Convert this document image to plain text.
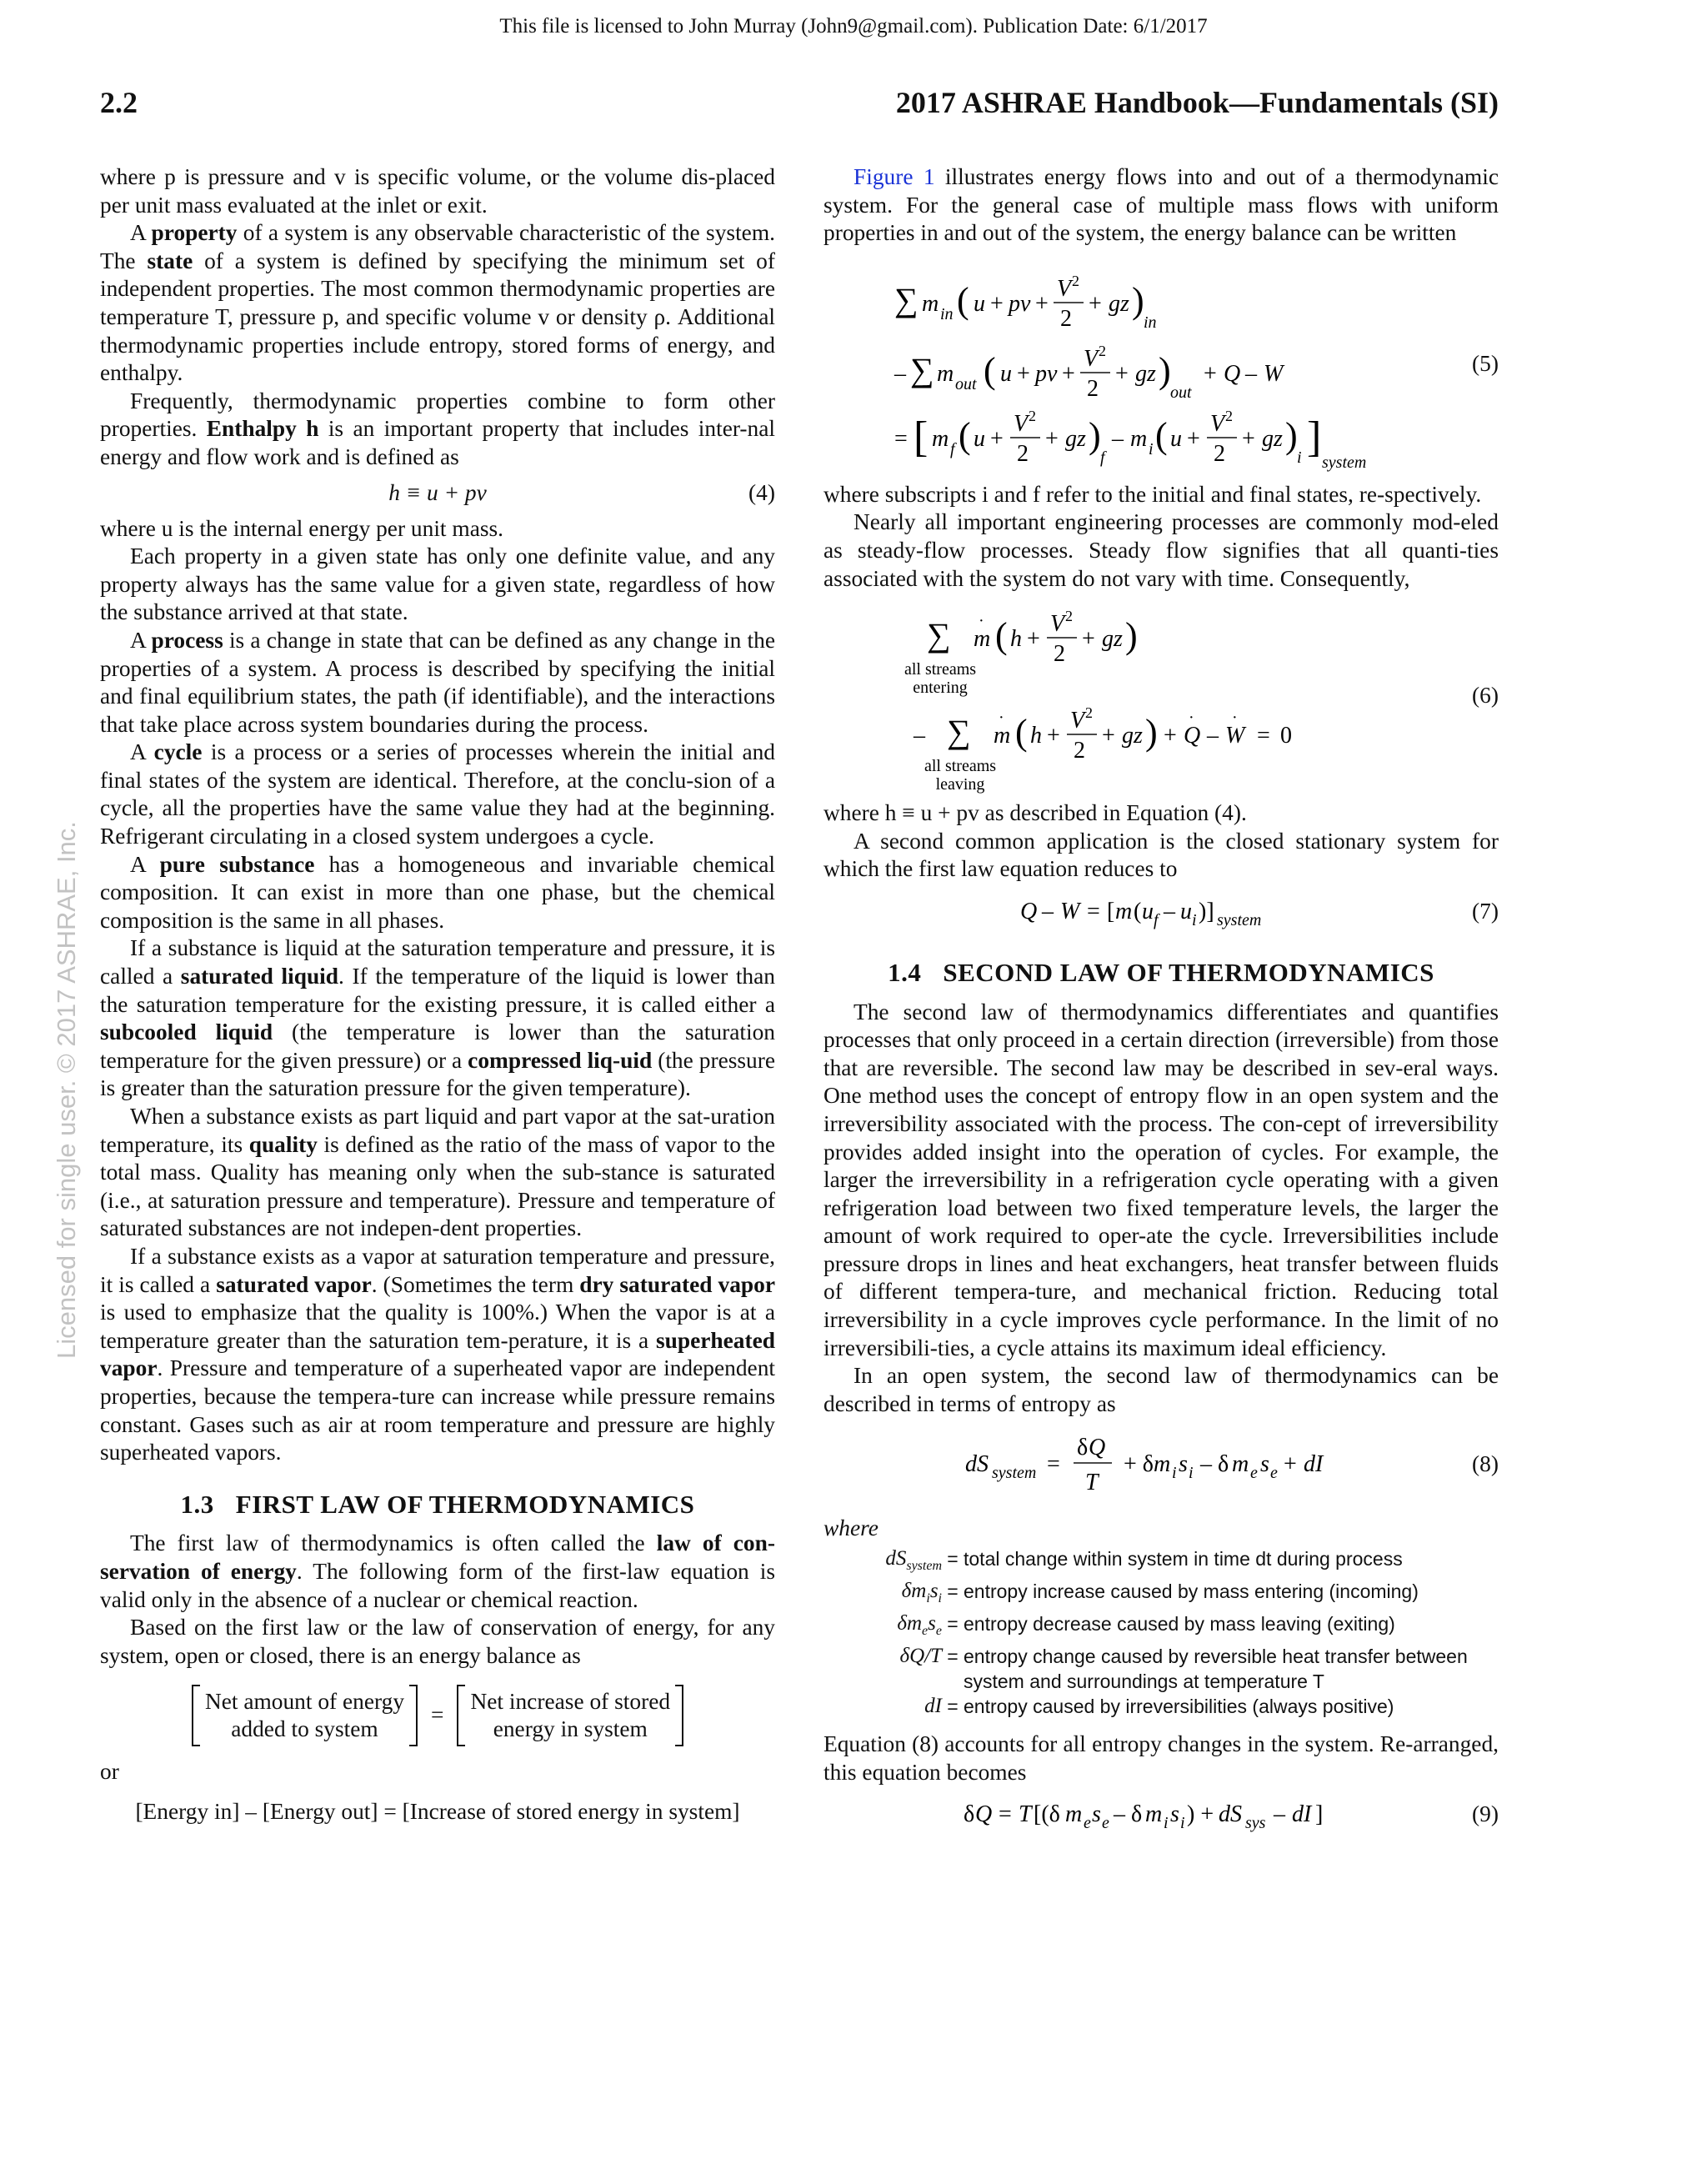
This file is licensed to John Murray (John9@gmail.com). Publication Date: 6/1/2017
2.2	2017 ASHRAE Handbook—Fundamentals (SI)
Licensed for single user. © 2017 ASHRAE, Inc.

where p is pressure and v is specific volume, or the volume dis-placed per unit mass evaluated at the inlet or exit.

A property of a system is any observable characteristic of the system. The state of a system is defined by specifying the minimum set of independent properties. The most common thermodynamic properties are temperature T, pressure p, and specific volume v or density ρ. Additional thermodynamic properties include entropy, stored forms of energy, and enthalpy.

Frequently, thermodynamic properties combine to form other properties. Enthalpy h is an important property that includes inter-nal energy and flow work and is defined as

h ≡ u + pv	(4)

where u is the internal energy per unit mass.

Each property in a given state has only one definite value, and any property always has the same value for a given state, regardless of how the substance arrived at that state.

A process is a change in state that can be defined as any change in the properties of a system. A process is described by specifying the initial and final equilibrium states, the path (if identifiable), and the interactions that take place across system boundaries during the process.

A cycle is a process or a series of processes wherein the initial and final states of the system are identical. Therefore, at the conclu-sion of a cycle, all the properties have the same value they had at the beginning. Refrigerant circulating in a closed system undergoes a cycle.

A pure substance has a homogeneous and invariable chemical composition. It can exist in more than one phase, but the chemical composition is the same in all phases.

If a substance is liquid at the saturation temperature and pressure, it is called a saturated liquid. If the temperature of the liquid is lower than the saturation temperature for the existing pressure, it is called either a subcooled liquid (the temperature is lower than the saturation temperature for the given pressure) or a compressed liq-uid (the pressure is greater than the saturation pressure for the given temperature).

When a substance exists as part liquid and part vapor at the sat-uration temperature, its quality is defined as the ratio of the mass of vapor to the total mass. Quality has meaning only when the sub-stance is saturated (i.e., at saturation pressure and temperature). Pressure and temperature of saturated substances are not indepen-dent properties.

If a substance exists as a vapor at saturation temperature and pressure, it is called a saturated vapor. (Sometimes the term dry saturated vapor is used to emphasize that the quality is 100%.) When the vapor is at a temperature greater than the saturation tem-perature, it is a superheated vapor. Pressure and temperature of a superheated vapor are independent properties, because the tempera-ture can increase while pressure remains constant. Gases such as air at room temperature and pressure are highly superheated vapors.

1.3 FIRST LAW OF THERMODYNAMICS

The first law of thermodynamics is often called the law of con-servation of energy. The following form of the first-law equation is valid only in the absence of a nuclear or chemical reaction.

Based on the first law or the law of conservation of energy, for any system, open or closed, there is an energy balance as

Net amount of energy
added to system
=
Net increase of stored
energy in system

or

[Energy in] – [Energy out] = [Increase of stored energy in system]

Figure 1 illustrates energy flows into and out of a thermodynamic system. For the general case of multiple mass flows with uniform properties in and out of the system, the energy balance can be written

∑ m in ( u + pv +
V 2
2
+ gz )
in
– ∑ m out ( u + pv +
V 2
2
+ gz )
out
+ Q – W
= [ m f ( u +
V 2
2
+ gz )
f
– m i ( u +
V 2
2
+ gz )
i ]
system
(5)

where subscripts i and f refer to the initial and final states, re-spectively.

Nearly all important engineering processes are commonly mod-eled as steady-flow processes. Steady flow signifies that all quanti-ties associated with the system do not vary with time. Consequently,

∑ m
· ( h +
V 2
2
+ gz )
– ∑ m
· ( h +
V 2
2
+ gz ) + Q
·
– W
·
= 0
all streams
entering
all streams
leaving
(6)

where h ≡ u + pv as described in Equation (4).

A second common application is the closed stationary system for which the first law equation reduces to

Q – W = [ m ( u f – u i )] system	(7)
1.4 SECOND LAW OF THERMODYNAMICS

The second law of thermodynamics differentiates and quantifies processes that only proceed in a certain direction (irreversible) from those that are reversible. The second law may be described in sev-eral ways. One method uses the concept of entropy flow in an open system and the irreversibility associated with the process. The con-cept of irreversibility provides added insight into the operation of cycles. For example, the larger the irreversibility in a refrigeration cycle operating with a given refrigeration load between two fixed temperature levels, the larger the amount of work required to oper-ate the cycle. Irreversibilities include pressure drops in lines and heat exchangers, heat transfer between fluids of different tempera-ture, and mechanical friction. Reducing total irreversibility in a cycle improves cycle performance. In the limit of no irreversibili-ties, a cycle attains its maximum ideal efficiency.

In an open system, the second law of thermodynamics can be described in terms of entropy as

dS system =
δ Q
T
+ δ m i s i – δ m e s e + dI	(8)

where

$dS_{system}$ = total change within system in time dt during process
$\delta m_is_i$ = entropy increase caused by mass entering (incoming)
$\delta m_es_e$ = entropy decrease caused by mass leaving (exiting)
δQ/T = entropy change caused by reversible heat transfer between system and surroundings at temperature T
dI = entropy caused by irreversibilities (always positive)

Equation (8) accounts for all entropy changes in the system. Re-arranged, this equation becomes

δ Q = T [(δ m e s e – δ m i s i ) + dS sys – dI ]	(9)
